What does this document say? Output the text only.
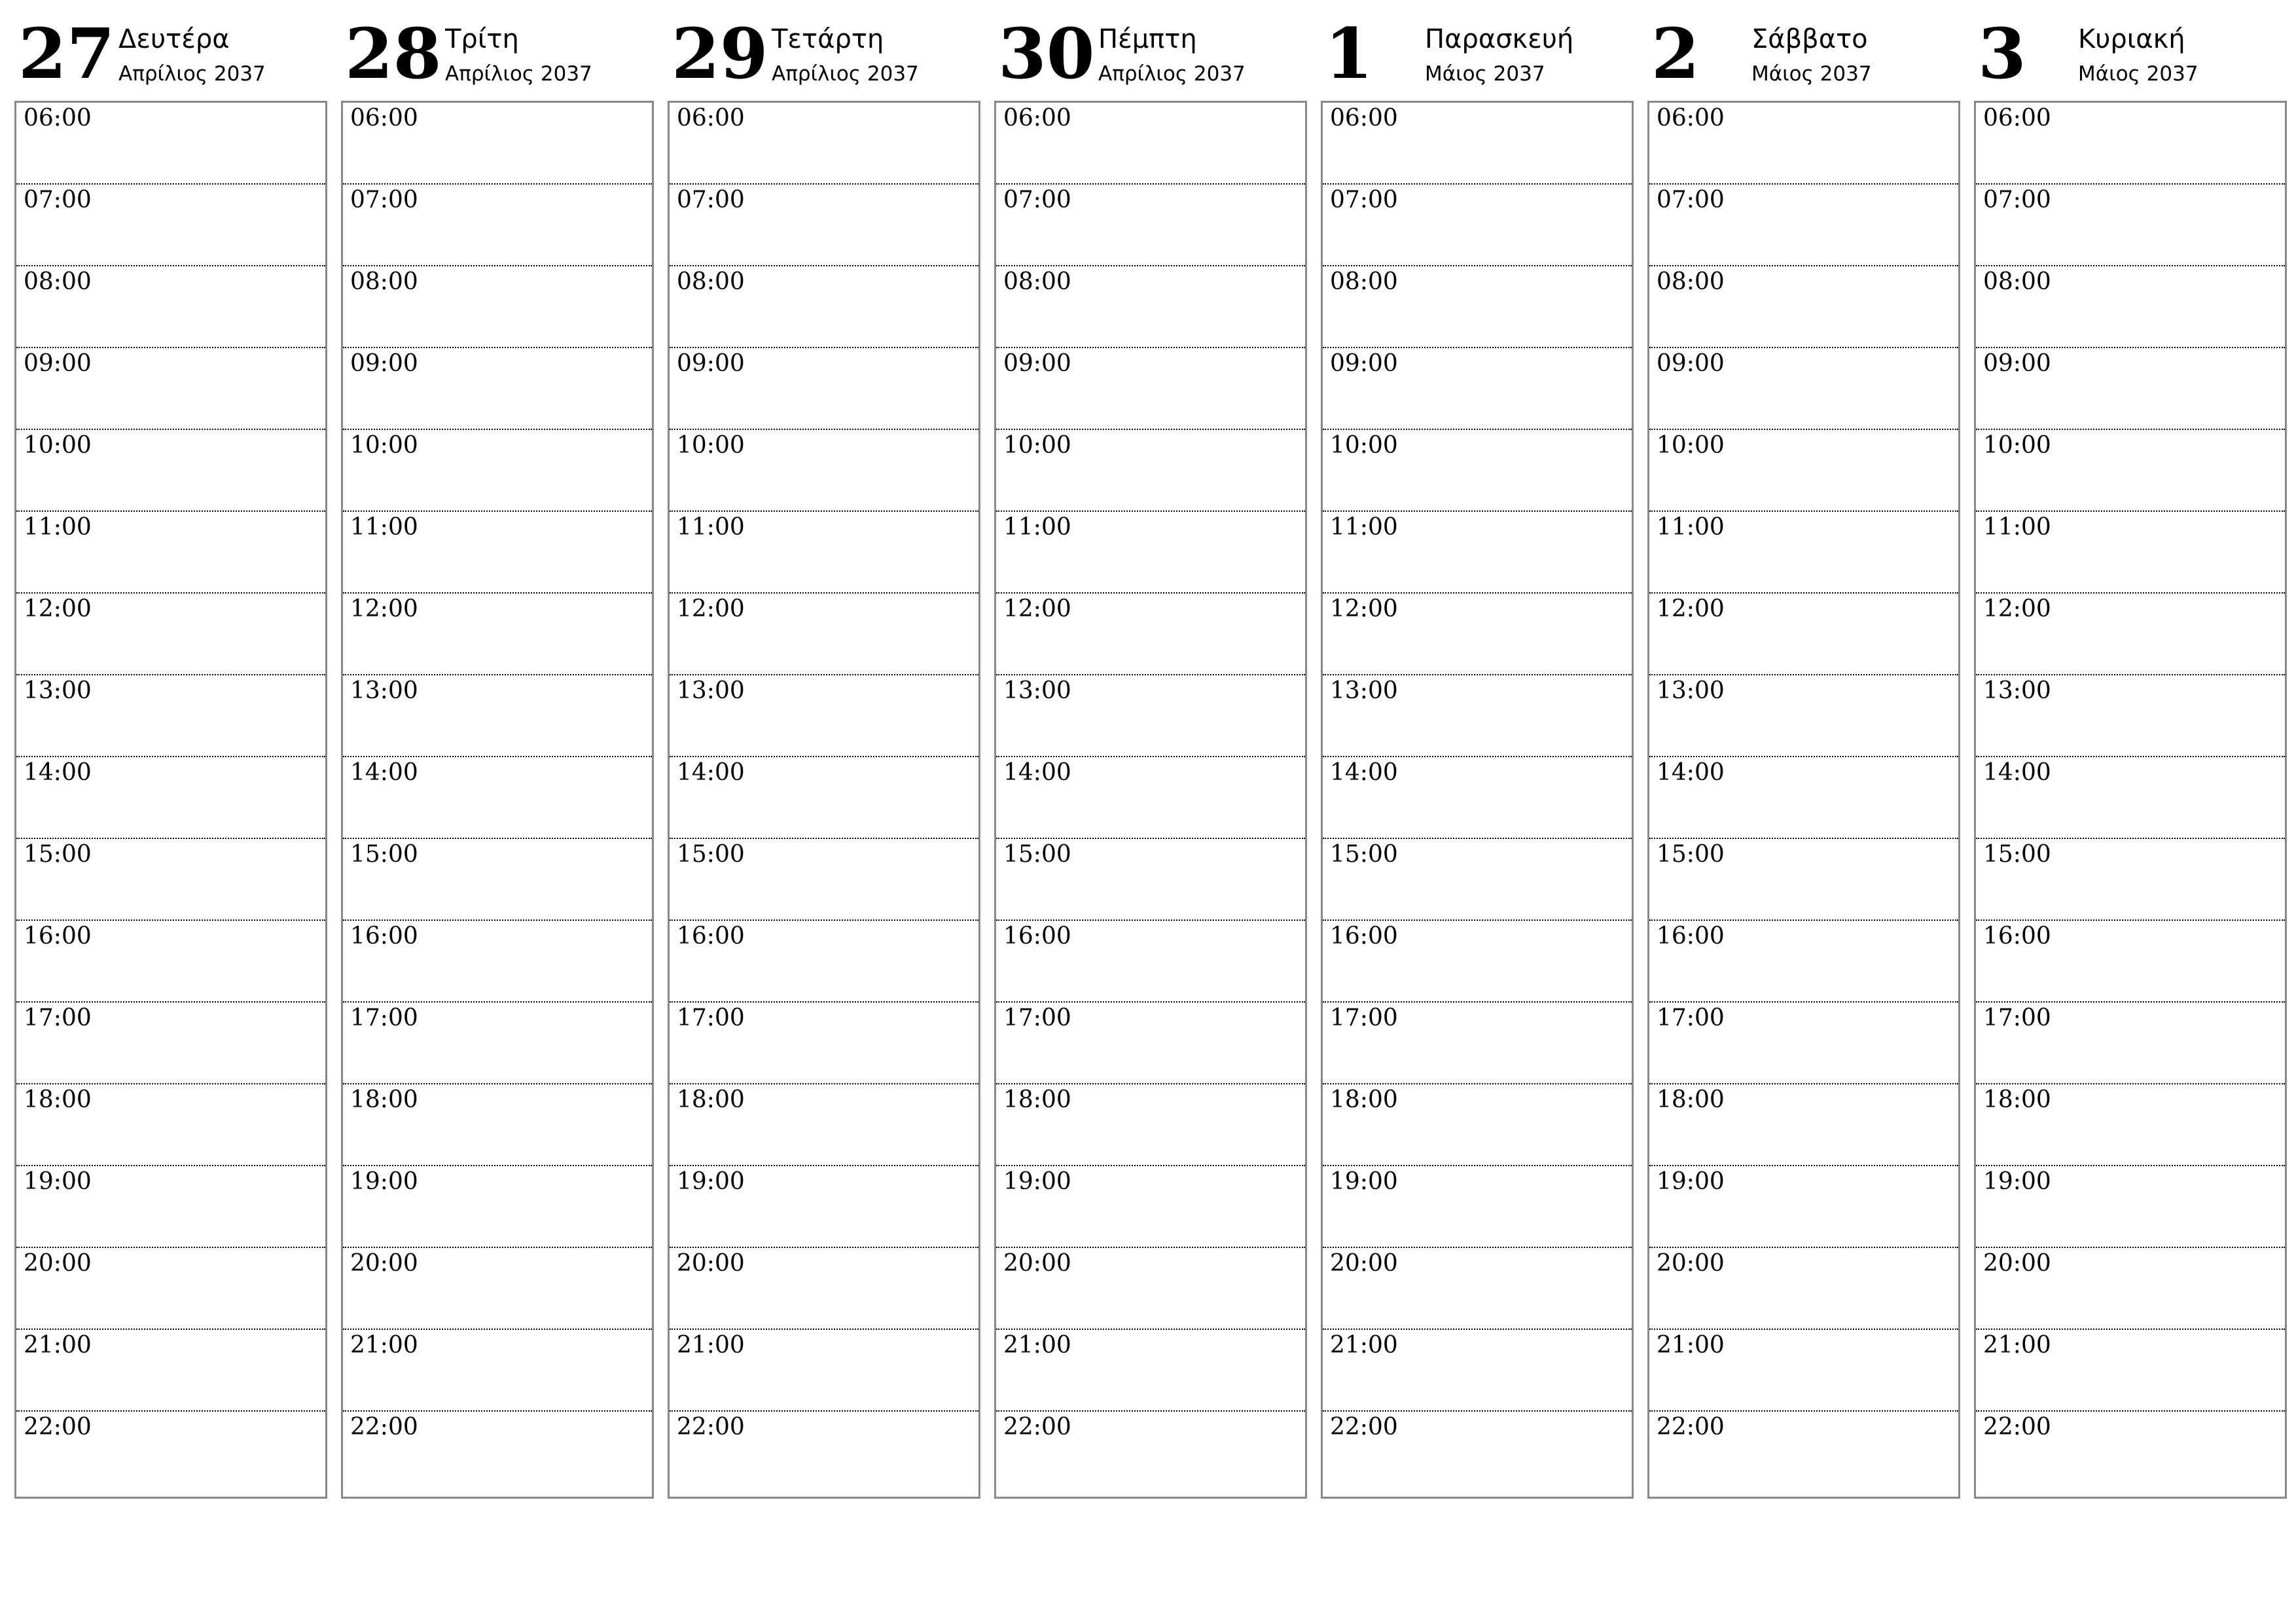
27 Δευτέρα
Απρίλιος 2037
06:00
07:00
08:00
09:00
10:00
11:00
12:00
13:00
14:00
15:00
16:00
17:00
18:00
19:00
20:00
21:00
22:00
28 Τρίτη
Απρίλιος 2037
06:00
07:00
08:00
09:00
10:00
11:00
12:00
13:00
14:00
15:00
16:00
17:00
18:00
19:00
20:00
21:00
22:00
29 Τετάρτη
Απρίλιος 2037
06:00
07:00
08:00
09:00
10:00
11:00
12:00
13:00
14:00
15:00
16:00
17:00
18:00
19:00
20:00
21:00
22:00
30 Πέμπτη
Απρίλιος 2037
06:00
07:00
08:00
09:00
10:00
11:00
12:00
13:00
14:00
15:00
16:00
17:00
18:00
19:00
20:00
21:00
22:00
1 Παρασκευή
Μάιος 2037
06:00
07:00
08:00
09:00
10:00
11:00
12:00
13:00
14:00
15:00
16:00
17:00
18:00
19:00
20:00
21:00
22:00
2 Σάββατο
Μάιος 2037
06:00
07:00
08:00
09:00
10:00
11:00
12:00
13:00
14:00
15:00
16:00
17:00
18:00
19:00
20:00
21:00
22:00
3 Κυριακή
Μάιος 2037
06:00
07:00
08:00
09:00
10:00
11:00
12:00
13:00
14:00
15:00
16:00
17:00
18:00
19:00
20:00
21:00
22:00
